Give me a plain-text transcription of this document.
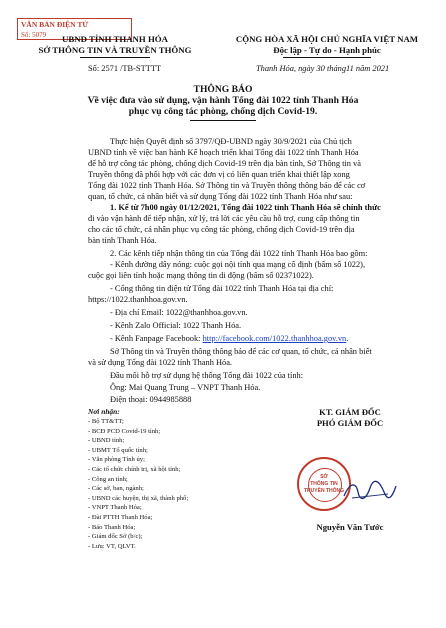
VĂN BẢN ĐIỆN TỬ
Số: 5079	UBND TỈNH THANH HÓA
SỞ THÔNG TIN VÀ TRUYỀN THÔNG
CỘNG HÒA XÃ HỘI CHỦ NGHĨA VIỆT NAM
Độc lập - Tự do - Hạnh phúc
Số: 2571 /TB-STTTT	Thanh Hóa, ngày 30 tháng11 năm 2021
THÔNG BÁO
Về việc đưa vào sử dụng, vận hành Tổng đài 1022 tỉnh Thanh Hóa
phục vụ công tác phòng, chống dịch Covid-19.
Thực hiện Quyết định số 3797/QĐ-UBND ngày 30/9/2021 của Chủ tịch
UBND tỉnh về việc ban hành Kế hoạch triển khai Tổng đài 1022 tỉnh Thanh Hóa
để hỗ trợ công tác phòng, chống dịch Covid-19 trên địa bàn tỉnh, Sở Thông tin và
Truyền thông đã phối hợp với các đơn vị có liên quan triển khai thiết lập xong
Tổng đài 1022 tỉnh Thanh Hóa. Sở Thông tin và Truyền thông thông báo để các cơ
quan, tổ chức, cá nhân biết và sử dụng Tổng đài 1022 tỉnh Thanh Hóa như sau:
1. Kể từ 7h00 ngày 01/12/2021, Tổng đài 1022 tỉnh Thanh Hóa sẽ chính thức
đi vào vận hành để tiếp nhận, xử lý, trả lời các yêu cầu hỗ trợ, cung cấp thông tin
cho các tổ chức, cá nhân phục vụ công tác phòng, chống dịch Covid-19 trên địa
bàn tỉnh Thanh Hóa.
2. Các kênh tiếp nhận thông tin của Tổng đài 1022 tỉnh Thanh Hóa bao gồm:
- Kênh đường dây nóng: cuộc gọi nội tỉnh qua mạng cố định (bấm số 1022),
cuộc gọi liên tỉnh hoặc mạng thông tin di động (bấm số 02371022).
- Cổng thông tin điện tử Tổng đài 1022 tỉnh Thanh Hóa tại địa chỉ:
https://1022.thanhhoa.gov.vn.
- Địa chỉ Email: 1022@thanhhoa.gov.vn.
- Kênh Zalo Official: 1022 Thanh Hóa.
- Kênh Fanpage Facebook: http://facebook.com/1022.thanhhoa.gov.vn.
Sở Thông tin và Truyền thông thông báo để các cơ quan, tổ chức, cá nhân biết
và sử dụng Tổng đài 1022 tỉnh Thanh Hóa.
Đầu mối hỗ trợ sử dụng hệ thống Tổng đài 1022 của tỉnh:
Ông: Mai Quang Trung – VNPT Thanh Hóa.
Điện thoại: 0944985888
Nơi nhận:
- Bộ TT&TT;
- BCĐ PCD Covid-19 tỉnh;
- UBND tỉnh;
- UBMT Tổ quốc tỉnh;
- Văn phòng Tỉnh ủy;
- Các tổ chức chính trị, xã hội tỉnh;
- Công an tỉnh;
- Các sở, ban, ngành;
- UBND các huyện, thị xã, thành phố;
- VNPT Thanh Hóa;
- Đài PTTH Thanh Hóa;
- Báo Thanh Hóa;
- Giám đốc Sở (b/c);
- Lưu: VT, QLVT.
KT. GIÁM ĐỐC
PHÓ GIÁM ĐỐC
SỞ
THÔNG TIN
TRUYỀN THÔNG
Nguyễn Văn Tước
